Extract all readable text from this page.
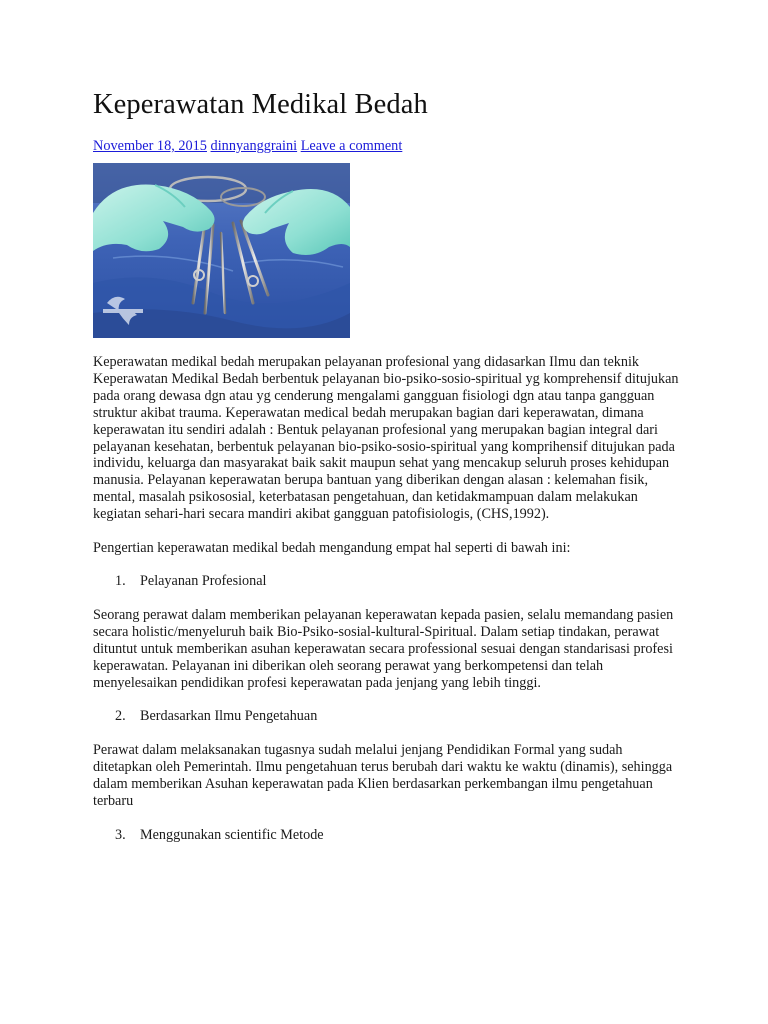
Keperawatan Medikal Bedah
November 18, 2015 dinnyanggraini Leave a comment

Keperawatan medikal bedah merupakan pelayanan profesional yang didasarkan Ilmu dan teknik Keperawatan Medikal Bedah berbentuk pelayanan bio-psiko-sosio-spiritual yg komprehensif ditujukan pada orang dewasa dgn atau yg cenderung mengalami gangguan fisiologi dgn atau tanpa gangguan struktur akibat trauma. Keperawatan medical bedah merupakan bagian dari keperawatan, dimana keperawatan itu sendiri adalah : Bentuk pelayanan profesional yang merupakan bagian integral dari pelayanan kesehatan, berbentuk pelayanan bio-psiko-sosio-spiritual yang komprihensif ditujukan pada individu, keluarga dan masyarakat baik sakit maupun sehat yang mencakup seluruh proses kehidupan manusia. Pelayanan keperawatan berupa bantuan yang diberikan dengan alasan : kelemahan fisik, mental, masalah psikososial, keterbatasan pengetahuan, dan ketidakmampuan dalam melakukan kegiatan sehari-hari secara mandiri akibat gangguan patofisiologis, (CHS,1992).

Pengertian keperawatan medikal bedah mengandung empat hal seperti di bawah ini:

1. Pelayanan Profesional

Seorang perawat dalam memberikan pelayanan keperawatan kepada pasien, selalu memandang pasien secara holistic/menyeluruh baik Bio-Psiko-sosial-kultural-Spiritual. Dalam setiap tindakan, perawat dituntut untuk memberikan asuhan keperawatan secara professional sesuai dengan standarisasi profesi keperawatan. Pelayanan ini diberikan oleh seorang perawat yang berkompetensi dan telah menyelesaikan pendidikan profesi keperawatan pada jenjang yang lebih tinggi.

2. Berdasarkan Ilmu Pengetahuan

Perawat dalam melaksanakan tugasnya sudah melalui jenjang Pendidikan Formal yang sudah ditetapkan oleh Pemerintah. Ilmu pengetahuan terus berubah dari waktu ke waktu (dinamis), sehingga dalam memberikan Asuhan keperawatan pada Klien berdasarkan perkembangan ilmu pengetahuan terbaru

3. Menggunakan scientific Metode
